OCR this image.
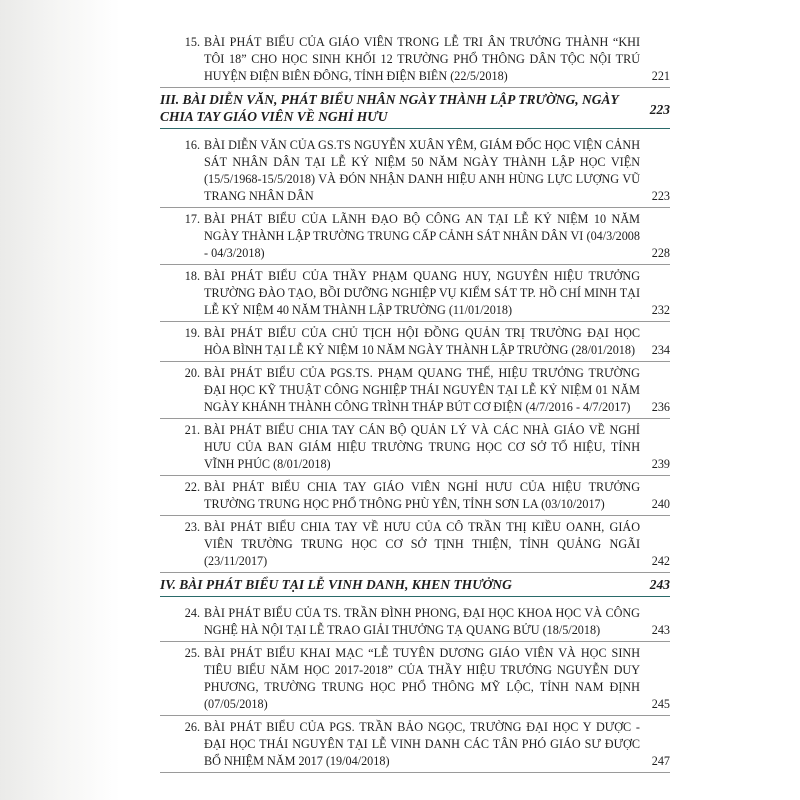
15. BÀI PHÁT BIỂU CỦA GIÁO VIÊN TRONG LỄ TRI ÂN TRƯỞNG THÀNH “KHI TÔI 18” CHO HỌC SINH KHỐI 12 TRƯỜNG PHỔ THÔNG DÂN TỘC NỘI TRÚ HUYỆN ĐIỆN BIÊN ĐÔNG, TỈNH ĐIỆN BIÊN (22/5/2018)	221
III. BÀI DIỄN VĂN, PHÁT BIỂU NHÂN NGÀY THÀNH LẬP TRƯỜNG, NGÀY CHIA TAY GIÁO VIÊN VỀ NGHỈ HƯU	223
16. BÀI DIỄN VĂN CỦA GS.TS NGUYỄN XUÂN YÊM, GIÁM ĐỐC HỌC VIỆN CẢNH SÁT NHÂN DÂN TẠI LỄ KỶ NIỆM 50 NĂM NGÀY THÀNH LẬP HỌC VIỆN (15/5/1968-15/5/2018) VÀ ĐÓN NHẬN DANH HIỆU ANH HÙNG LỰC LƯỢNG VŨ TRANG NHÂN DÂN	223
17. BÀI PHÁT BIỂU CỦA LÃNH ĐẠO BỘ CÔNG AN TẠI LỄ KỶ NIỆM 10 NĂM NGÀY THÀNH LẬP TRƯỜNG TRUNG CẤP CẢNH SÁT NHÂN DÂN VI (04/3/2008 - 04/3/2018)	228
18. BÀI PHÁT BIỂU CỦA THẦY PHẠM QUANG HUY, NGUYÊN HIỆU TRƯỞNG TRƯỜNG ĐÀO TẠO, BỒI DƯỠNG NGHIỆP VỤ KIỂM SÁT TP. HỒ CHÍ MINH TẠI LỄ KỶ NIỆM 40 NĂM THÀNH LẬP TRƯỜNG (11/01/2018)	232
19. BÀI PHÁT BIỂU CỦA CHỦ TỊCH HỘI ĐỒNG QUẢN TRỊ TRƯỜNG ĐẠI HỌC HÒA BÌNH TẠI LỄ KỶ NIỆM 10 NĂM NGÀY THÀNH LẬP TRƯỜNG (28/01/2018)	234
20. BÀI PHÁT BIỂU CỦA PGS.TS. PHẠM QUANG THẾ, HIỆU TRƯỞNG TRƯỜNG ĐẠI HỌC KỸ THUẬT CÔNG NGHIỆP THÁI NGUYÊN TẠI LỄ KỶ NIỆM 01 NĂM NGÀY KHÁNH THÀNH CÔNG TRÌNH THÁP BÚT CƠ ĐIỆN (4/7/2016 - 4/7/2017)	236
21. BÀI PHÁT BIỂU CHIA TAY CÁN BỘ QUẢN LÝ VÀ CÁC NHÀ GIÁO VỀ NGHỈ HƯU CỦA BAN GIÁM HIỆU TRƯỜNG TRUNG HỌC CƠ SỞ TỔ HIỆU, TỈNH VĨNH PHÚC (8/01/2018)	239
22. BÀI PHÁT BIỂU CHIA TAY GIÁO VIÊN NGHỈ HƯU CỦA HIỆU TRƯỞNG TRƯỜNG TRUNG HỌC PHỔ THÔNG PHÙ YÊN, TỈNH SƠN LA (03/10/2017)	240
23. BÀI PHÁT BIỂU CHIA TAY VỀ HƯU CỦA CÔ TRẦN THỊ KIỀU OANH, GIÁO VIÊN TRƯỜNG TRUNG HỌC CƠ SỞ TỊNH THIỆN, TỈNH QUẢNG NGÃI (23/11/2017)	242
IV. BÀI PHÁT BIỂU TẠI LỄ VINH DANH, KHEN THƯỞNG	243
24. BÀI PHÁT BIỂU CỦA TS. TRẦN ĐÌNH PHONG, ĐẠI HỌC KHOA HỌC VÀ CÔNG NGHỆ HÀ NỘI TẠI LỄ TRAO GIẢI THƯỞNG TẠ QUANG BỬU (18/5/2018)	243
25. BÀI PHÁT BIỂU KHAI MẠC “LỄ TUYÊN DƯƠNG GIÁO VIÊN VÀ HỌC SINH TIÊU BIỂU NĂM HỌC 2017-2018” CỦA THẦY HIỆU TRƯỞNG NGUYỄN DUY PHƯƠNG, TRƯỜNG TRUNG HỌC PHỔ THÔNG MỸ LỘC, TỈNH NAM ĐỊNH (07/05/2018)	245
26. BÀI PHÁT BIỂU CỦA PGS. TRẦN BẢO NGỌC, TRƯỜNG ĐẠI HỌC Y DƯỢC - ĐẠI HỌC THÁI NGUYÊN TẠI LỄ VINH DANH CÁC TÂN PHÓ GIÁO SƯ ĐƯỢC BỔ NHIỆM NĂM 2017 (19/04/2018)	247
